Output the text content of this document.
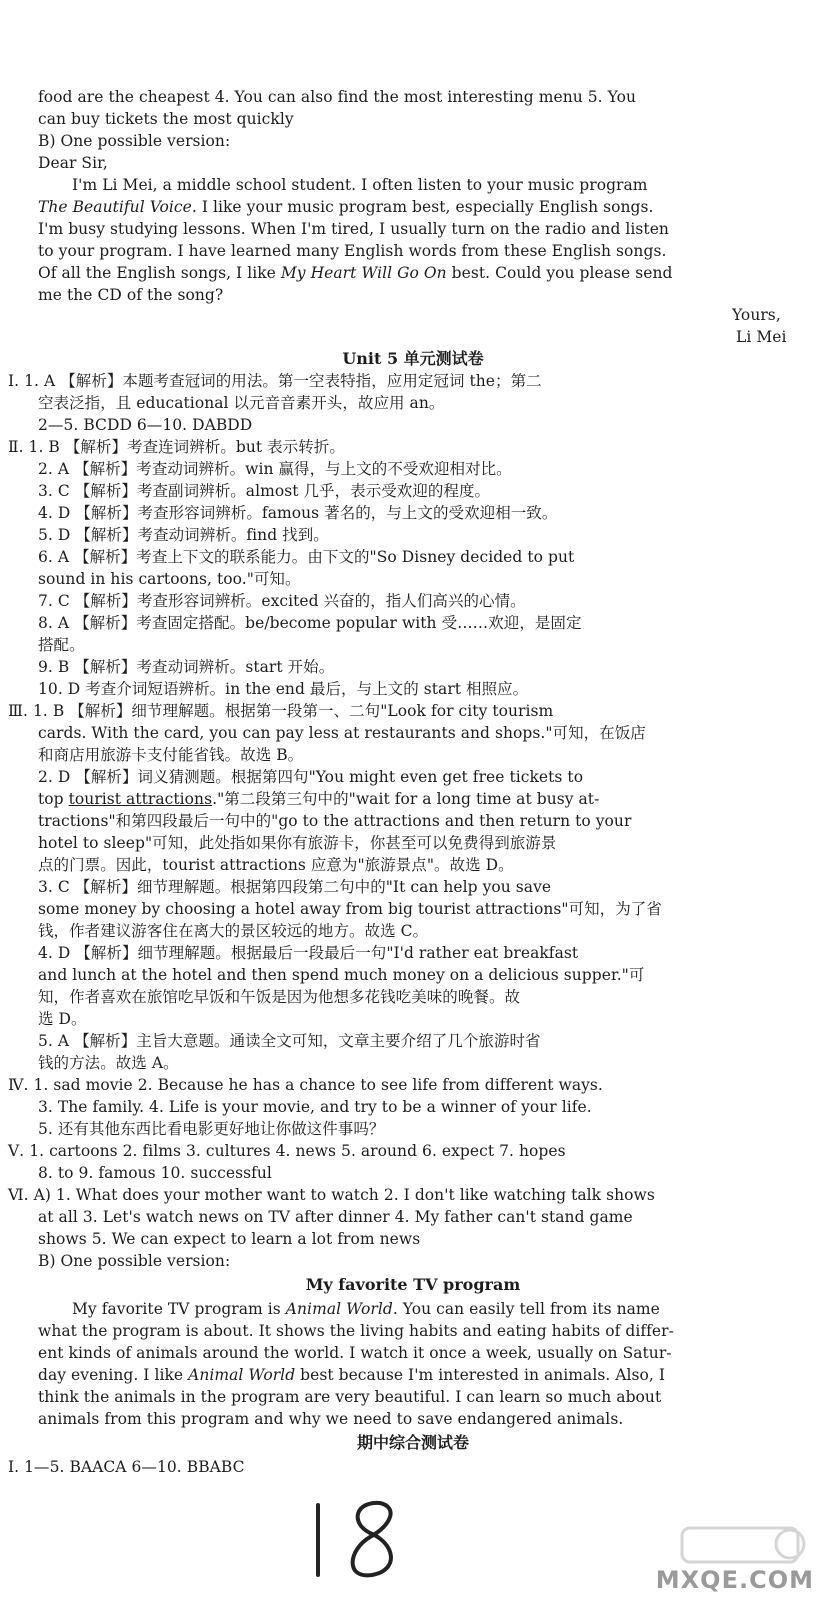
food are the cheapest 4. You can also find the most interesting menu 5. You
can buy tickets the most quickly
B) One possible version:
Dear Sir,
I'm Li Mei, a middle school student. I often listen to your music program
The Beautiful Voice. I like your music program best, especially English songs.
I'm busy studying lessons. When I'm tired, I usually turn on the radio and listen
to your program. I have learned many English words from these English songs.
Of all the English songs, I like My Heart Will Go On best. Could you please send
me the CD of the song?
Yours,
Li Mei
Unit 5 单元测试卷
Ⅰ. 1. A 【解析】本题考查冠词的用法。第一空表特指，应用定冠词 the；第二
空表泛指，且 educational 以元音音素开头，故应用 an。
2—5. BCDD 6—10. DABDD
Ⅱ. 1. B 【解析】考查连词辨析。but 表示转折。
2. A 【解析】考查动词辨析。win 赢得，与上文的不受欢迎相对比。
3. C 【解析】考查副词辨析。almost 几乎，表示受欢迎的程度。
4. D 【解析】考查形容词辨析。famous 著名的，与上文的受欢迎相一致。
5. D 【解析】考查动词辨析。find 找到。
6. A 【解析】考查上下文的联系能力。由下文的"So Disney decided to put
sound in his cartoons, too."可知。
7. C 【解析】考查形容词辨析。excited 兴奋的，指人们高兴的心情。
8. A 【解析】考查固定搭配。be/become popular with 受……欢迎，是固定
搭配。
9. B 【解析】考查动词辨析。start 开始。
10. D 考查介词短语辨析。in the end 最后，与上文的 start 相照应。
Ⅲ. 1. B 【解析】细节理解题。根据第一段第一、二句"Look for city tourism
cards. With the card, you can pay less at restaurants and shops."可知，在饭店
和商店用旅游卡支付能省钱。故选 B。
2. D 【解析】词义猜测题。根据第四句"You might even get free tickets to
top tourist attractions."第二段第三句中的"wait for a long time at busy at-
tractions"和第四段最后一句中的"go to the attractions and then return to your
hotel to sleep"可知，此处指如果你有旅游卡，你甚至可以免费得到旅游景
点的门票。因此，tourist attractions 应意为"旅游景点"。故选 D。
3. C 【解析】细节理解题。根据第四段第二句中的"It can help you save
some money by choosing a hotel away from big tourist attractions"可知，为了省
钱，作者建议游客住在离大的景区较远的地方。故选 C。
4. D 【解析】细节理解题。根据最后一段最后一句"I'd rather eat breakfast
and lunch at the hotel and then spend much money on a delicious supper."可
知，作者喜欢在旅馆吃早饭和午饭是因为他想多花钱吃美味的晚餐。故
选 D。
5. A 【解析】主旨大意题。通读全文可知，文章主要介绍了几个旅游时省
钱的方法。故选 A。
Ⅳ. 1. sad movie 2. Because he has a chance to see life from different ways.
3. The family. 4. Life is your movie, and try to be a winner of your life.
5. 还有其他东西比看电影更好地让你做这件事吗？
Ⅴ. 1. cartoons 2. films 3. cultures 4. news 5. around 6. expect 7. hopes
8. to 9. famous 10. successful
Ⅵ. A) 1. What does your mother want to watch 2. I don't like watching talk shows
at all 3. Let's watch news on TV after dinner 4. My father can't stand game
shows 5. We can expect to learn a lot from news
B) One possible version:
My favorite TV program
My favorite TV program is Animal World. You can easily tell from its name
what the program is about. It shows the living habits and eating habits of differ-
ent kinds of animals around the world. I watch it once a week, usually on Satur-
day evening. I like Animal World best because I'm interested in animals. Also, I
think the animals in the program are very beautiful. I can learn so much about
animals from this program and why we need to save endangered animals.
期中综合测试卷
Ⅰ. 1—5. BAACA 6—10. BBABC
MXQE.COM
